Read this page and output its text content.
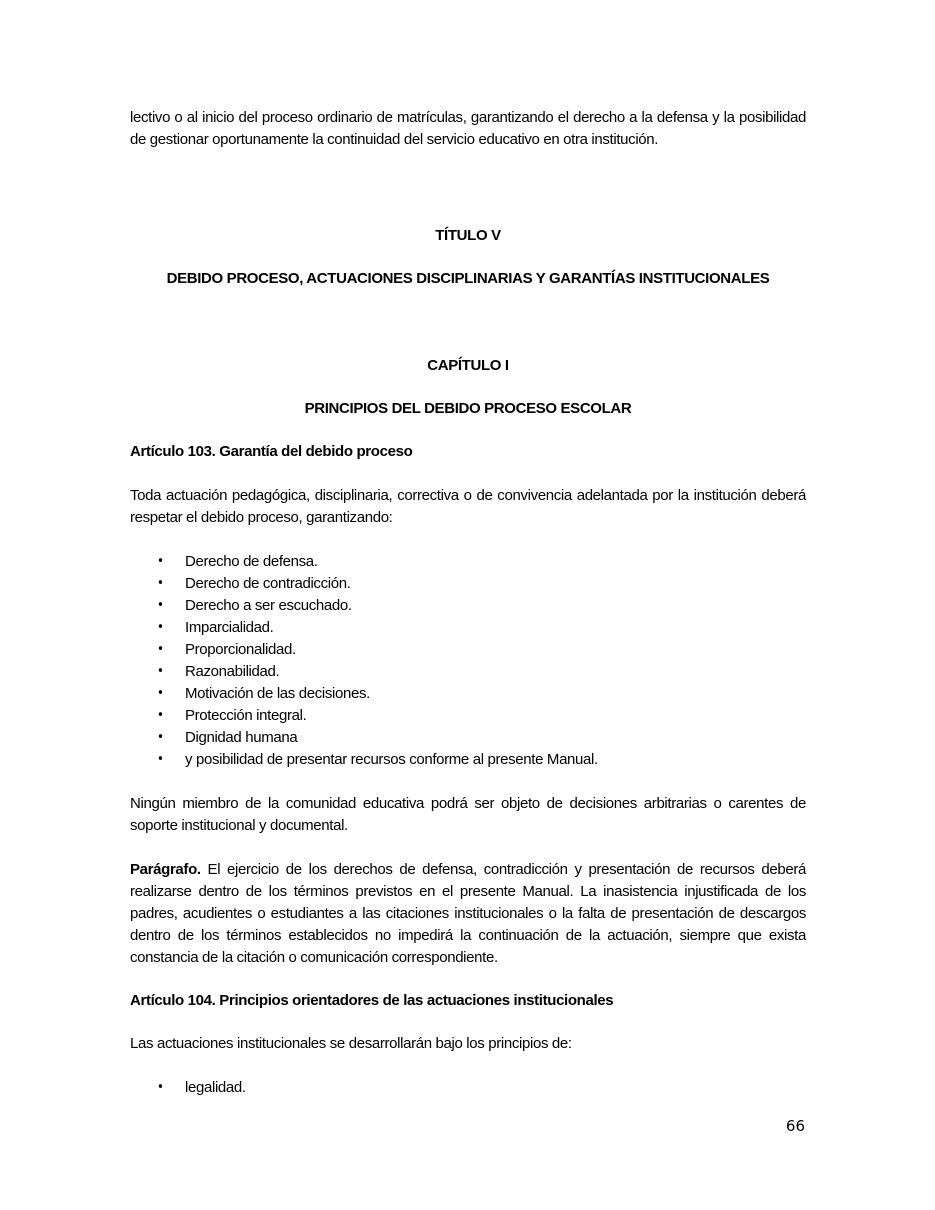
lectivo o al inicio del proceso ordinario de matrículas, garantizando el derecho a la defensa y la posibilidad de gestionar oportunamente la continuidad del servicio educativo en otra institución.

TÍTULO V

DEBIDO PROCESO, ACTUACIONES DISCIPLINARIAS Y GARANTÍAS INSTITUCIONALES

CAPÍTULO I

PRINCIPIOS DEL DEBIDO PROCESO ESCOLAR

Artículo 103. Garantía del debido proceso

Toda actuación pedagógica, disciplinaria, correctiva o de convivencia adelantada por la institución deberá respetar el debido proceso, garantizando:

• Derecho de defensa.
• Derecho de contradicción.
• Derecho a ser escuchado.
• Imparcialidad.
• Proporcionalidad.
• Razonabilidad.
• Motivación de las decisiones.
• Protección integral.
• Dignidad humana
• y posibilidad de presentar recursos conforme al presente Manual.

Ningún miembro de la comunidad educativa podrá ser objeto de decisiones arbitrarias o carentes de soporte institucional y documental.

Parágrafo. El ejercicio de los derechos de defensa, contradicción y presentación de recursos deberá realizarse dentro de los términos previstos en el presente Manual. La inasistencia injustificada de los padres, acudientes o estudiantes a las citaciones institucionales o la falta de presentación de descargos dentro de los términos establecidos no impedirá la continuación de la actuación, siempre que exista constancia de la citación o comunicación correspondiente.

Artículo 104. Principios orientadores de las actuaciones institucionales

Las actuaciones institucionales se desarrollarán bajo los principios de:

• legalidad.
66
